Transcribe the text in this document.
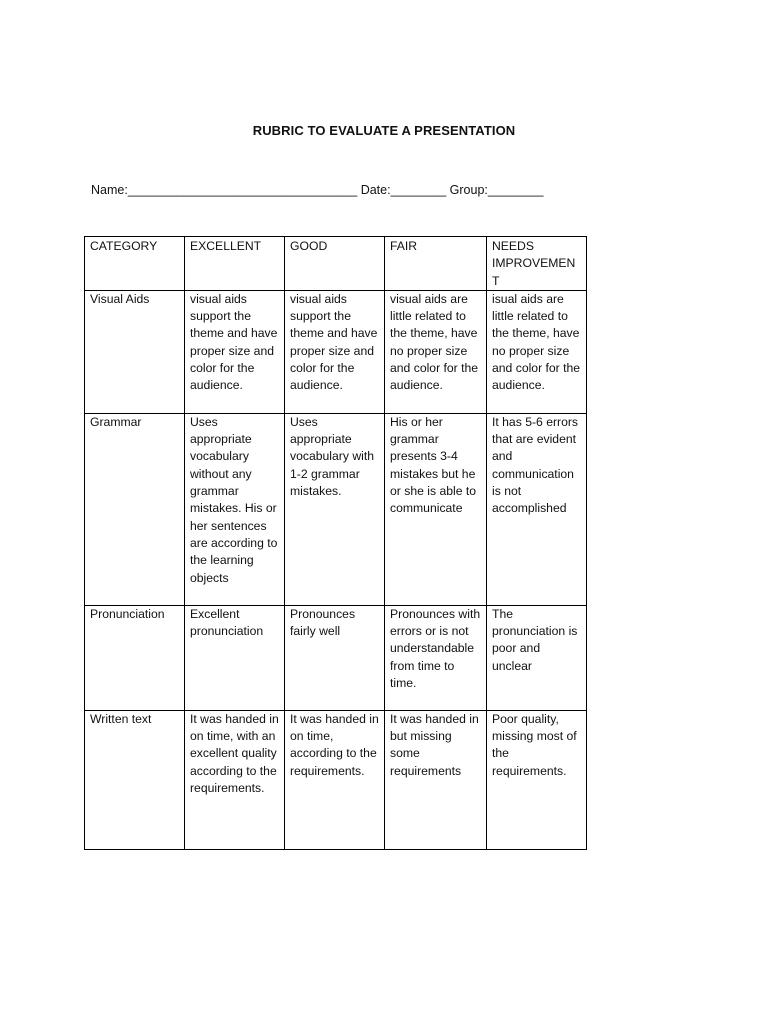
RUBRIC TO EVALUATE A PRESENTATION
Name:_________________________________ Date:________ Group:________
CATEGORY	EXCELLENT	GOOD	FAIR	NEEDS IMPROVEMENT
Visual Aids	visual aids support the theme and have proper size and color for the audience.	visual aids support the theme and have proper size and color for the audience.	visual aids are little related to the theme, have no proper size and color for the audience.	isual aids are little related to the theme, have no proper size and color for the audience.
Grammar	Uses appropriate vocabulary without any grammar mistakes. His or her sentences are according to the learning objects	Uses appropriate vocabulary with 1-2 grammar mistakes.	His or her grammar presents 3-4 mistakes but he or she is able to communicate	It has 5-6 errors that are evident and communication is not accomplished
Pronunciation	Excellent pronunciation	Pronounces fairly well	Pronounces with errors or is not understandable from time to time.	The pronunciation is poor and unclear
Written text	It was handed in on time, with an excellent quality according to the requirements.	It was handed in on time, according to the requirements.	It was handed in but missing some requirements	Poor quality, missing most of the requirements.
